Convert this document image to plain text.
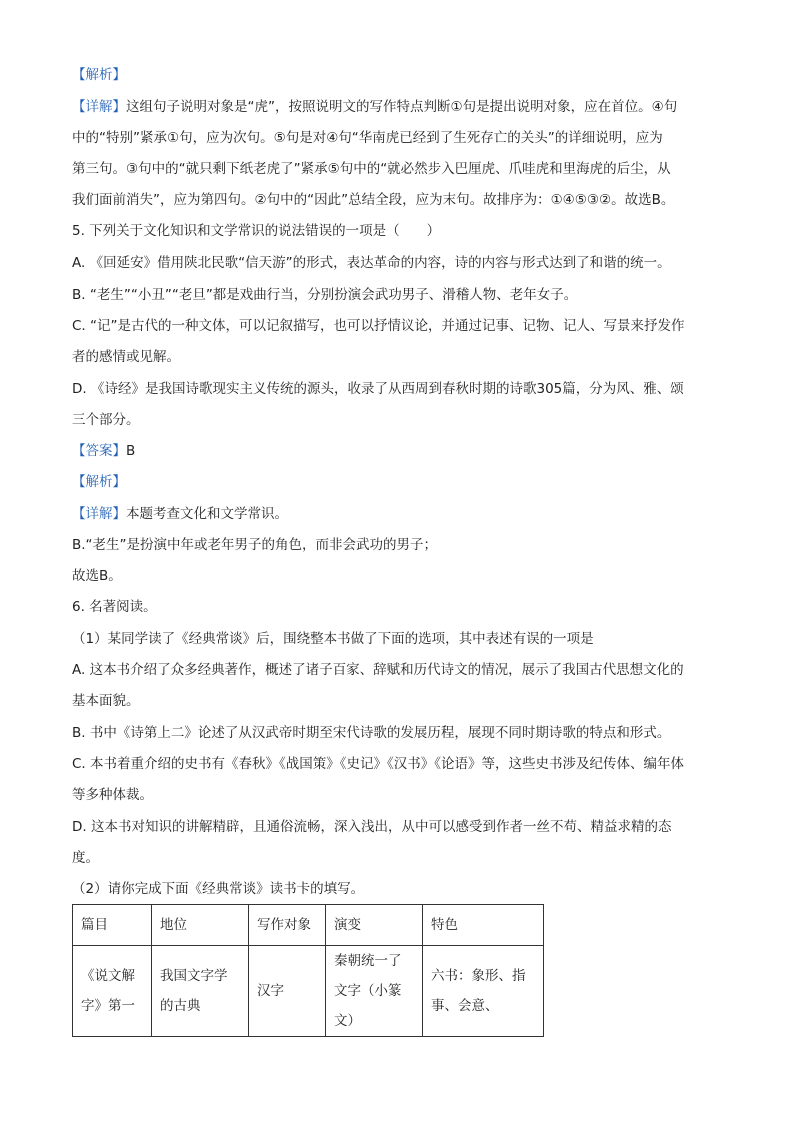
【解析】
【详解】这组句子说明对象是“虎”，按照说明文的写作特点判断①句是提出说明对象，应在首位。④句
中的“特别”紧承①句，应为次句。⑤句是对④句“华南虎已经到了生死存亡的关头”的详细说明，应为
第三句。③句中的“就只剩下纸老虎了”紧承⑤句中的“就必然步入巴厘虎、爪哇虎和里海虎的后尘，从
我们面前消失”，应为第四句。②句中的“因此”总结全段，应为末句。故排序为：①④⑤③②。故选B。
5. 下列关于文化知识和文学常识的说法错误的一项是（　　）
A. 《回延安》借用陕北民歌“信天游”的形式，表达革命的内容，诗的内容与形式达到了和谐的统一。
B. “老生”“小丑”“老旦”都是戏曲行当，分别扮演会武功男子、滑稽人物、老年女子。
C. “记”是古代的一种文体，可以记叙描写，也可以抒情议论，并通过记事、记物、记人、写景来抒发作
者的感情或见解。
D. 《诗经》是我国诗歌现实主义传统的源头，收录了从西周到春秋时期的诗歌305篇，分为风、雅、颂
三个部分。
【答案】B
【解析】
【详解】本题考查文化和文学常识。
B.“老生”是扮演中年或老年男子的角色，而非会武功的男子；
故选B。
6. 名著阅读。
（1）某同学读了《经典常谈》后，围绕整本书做了下面的选项，其中表述有误的一项是
A. 这本书介绍了众多经典著作，概述了诸子百家、辞赋和历代诗文的情况，展示了我国古代思想文化的
基本面貌。
B. 书中《诗第上二》论述了从汉武帝时期至宋代诗歌的发展历程，展现不同时期诗歌的特点和形式。
C. 本书着重介绍的史书有《春秋》《战国策》《史记》《汉书》《论语》等，这些史书涉及纪传体、编年体
等多种体裁。
D. 这本书对知识的讲解精辟，且通俗流畅，深入浅出，从中可以感受到作者一丝不苟、精益求精的态
度。
（2）请你完成下面《经典常谈》读书卡的填写。
篇目	地位	写作对象	演变	特色
《说文解字》第一	我国文字学的古典	汉字	秦朝统一了文字（小篆文）	六书：象形、指事、会意、
